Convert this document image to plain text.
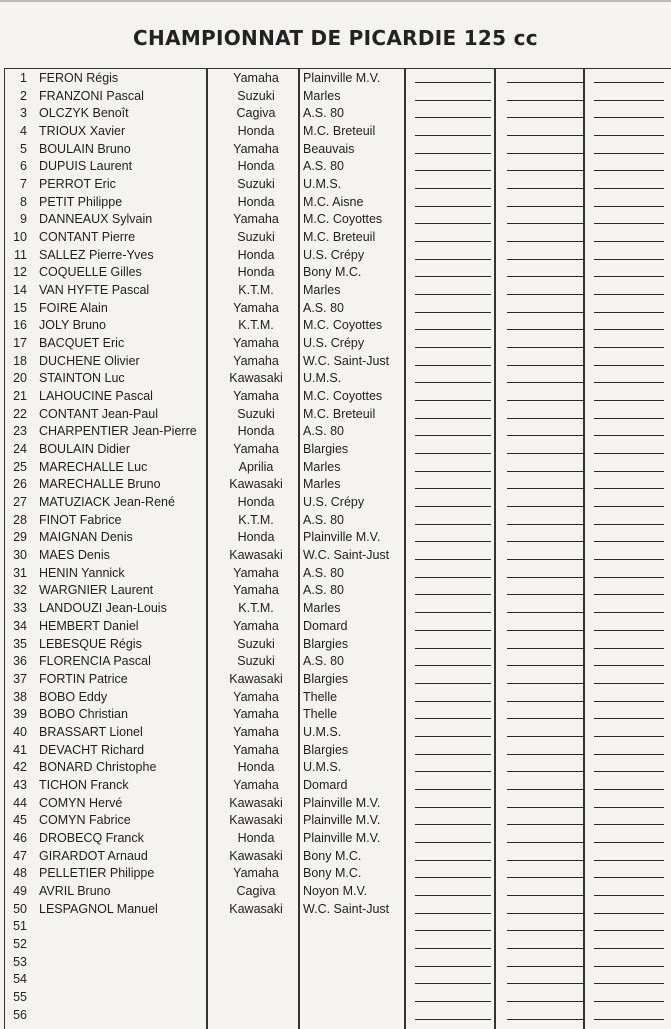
CHAMPIONNAT DE PICARDIE 125 cc
1 FERON Régis	Yamaha	Plainville M.V.
2 FRANZONI Pascal	Suzuki	Marles
3 OLCZYK Benoît	Cagiva	A.S. 80
4 TRIOUX Xavier	Honda	M.C. Breteuil
5 BOULAIN Bruno	Yamaha	Beauvais
6 DUPUIS Laurent	Honda	A.S. 80
7 PERROT Eric	Suzuki	U.M.S.
8 PETIT Philippe	Honda	M.C. Aisne
9 DANNEAUX Sylvain	Yamaha	M.C. Coyottes
10 CONTANT Pierre	Suzuki	M.C. Breteuil
11 SALLEZ Pierre-Yves	Honda	U.S. Crépy
12 COQUELLE Gilles	Honda	Bony M.C.
14 VAN HYFTE Pascal	K.T.M.	Marles
15 FOIRE Alain	Yamaha	A.S. 80
16 JOLY Bruno	K.T.M.	M.C. Coyottes
17 BACQUET Eric	Yamaha	U.S. Crépy
18 DUCHENE Olivier	Yamaha	W.C. Saint-Just
20 STAINTON Luc	Kawasaki	U.M.S.
21 LAHOUCINE Pascal	Yamaha	M.C. Coyottes
22 CONTANT Jean-Paul	Suzuki	M.C. Breteuil
23 CHARPENTIER Jean-Pierre	Honda	A.S. 80
24 BOULAIN Didier	Yamaha	Blargies
25 MARECHALLE Luc	Aprilia	Marles
26 MARECHALLE Bruno	Kawasaki	Marles
27 MATUZIACK Jean-René	Honda	U.S. Crépy
28 FINOT Fabrice	K.T.M.	A.S. 80
29 MAIGNAN Denis	Honda	Plainville M.V.
30 MAES Denis	Kawasaki	W.C. Saint-Just
31 HENIN Yannick	Yamaha	A.S. 80
32 WARGNIER Laurent	Yamaha	A.S. 80
33 LANDOUZI Jean-Louis	K.T.M.	Marles
34 HEMBERT Daniel	Yamaha	Domard
35 LEBESQUE Régis	Suzuki	Blargies
36 FLORENCIA Pascal	Suzuki	A.S. 80
37 FORTIN Patrice	Kawasaki	Blargies
38 BOBO Eddy	Yamaha	Thelle
39 BOBO Christian	Yamaha	Thelle
40 BRASSART Lionel	Yamaha	U.M.S.
41 DEVACHT Richard	Yamaha	Blargies
42 BONARD Christophe	Honda	U.M.S.
43 TICHON Franck	Yamaha	Domard
44 COMYN Hervé	Kawasaki	Plainville M.V.
45 COMYN Fabrice	Kawasaki	Plainville M.V.
46 DROBECQ Franck	Honda	Plainville M.V.
47 GIRARDOT Arnaud	Kawasaki	Bony M.C.
48 PELLETIER Philippe	Yamaha	Bony M.C.
49 AVRIL Bruno	Cagiva	Noyon M.V.
50 LESPAGNOL Manuel	Kawasaki	W.C. Saint-Just
51
52
53
54
55
56
